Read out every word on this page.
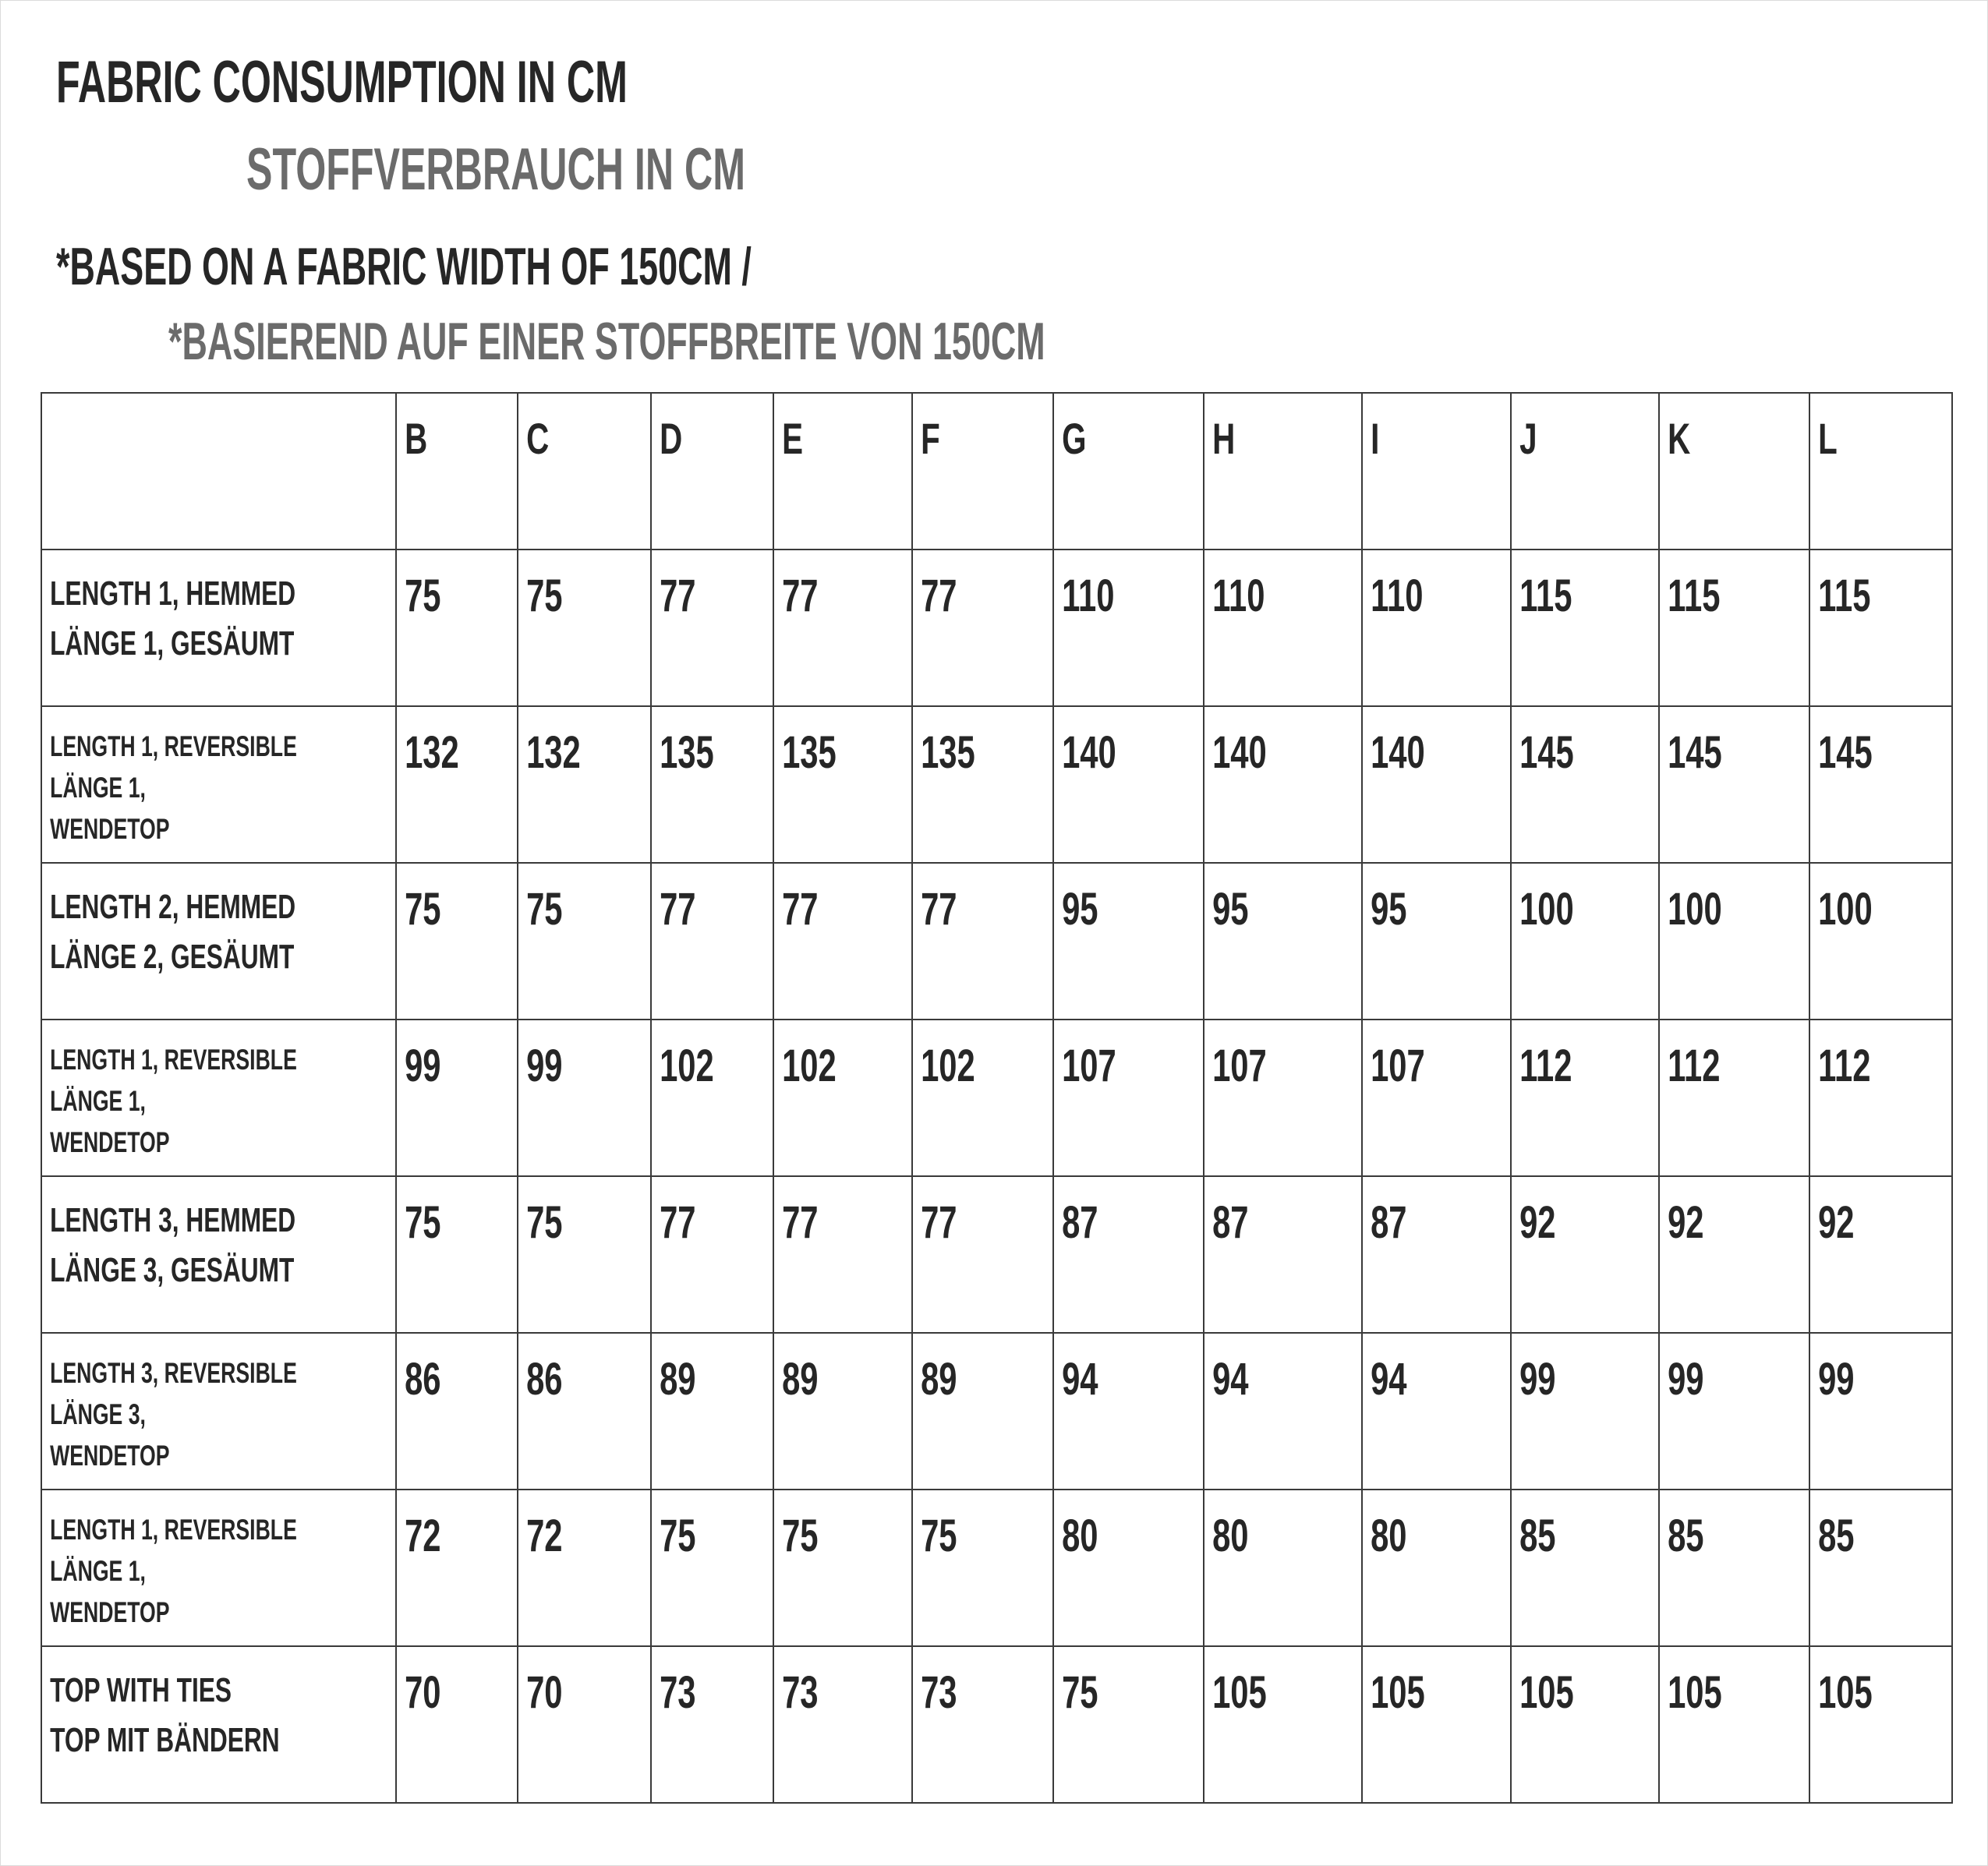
FABRIC CONSUMPTION IN CM
STOFFVERBRAUCH IN CM
*BASED ON A FABRIC WIDTH OF 150CM /
*BASIEREND AUF EINER STOFFBREITE VON 150CM

	B	C	D	E	F	G	H	I	J	K	L

LENGTH 1, HEMMED
LÄNGE 1, GESÄUMT	75	75	77	77	77	110	110	110	115	115	115

LENGTH 1, REVERSIBLE
LÄNGE 1,
WENDETOP	132	132	135	135	135	140	140	140	145	145	145

LENGTH 2, HEMMED
LÄNGE 2, GESÄUMT	75	75	77	77	77	95	95	95	100	100	100

LENGTH 1, REVERSIBLE
LÄNGE 1,
WENDETOP	99	99	102	102	102	107	107	107	112	112	112

LENGTH 3, HEMMED
LÄNGE 3, GESÄUMT	75	75	77	77	77	87	87	87	92	92	92

LENGTH 3, REVERSIBLE
LÄNGE 3,
WENDETOP	86	86	89	89	89	94	94	94	99	99	99

LENGTH 1, REVERSIBLE
LÄNGE 1,
WENDETOP	72	72	75	75	75	80	80	80	85	85	85

TOP WITH TIES
TOP MIT BÄNDERN	70	70	73	73	73	75	105	105	105	105	105
